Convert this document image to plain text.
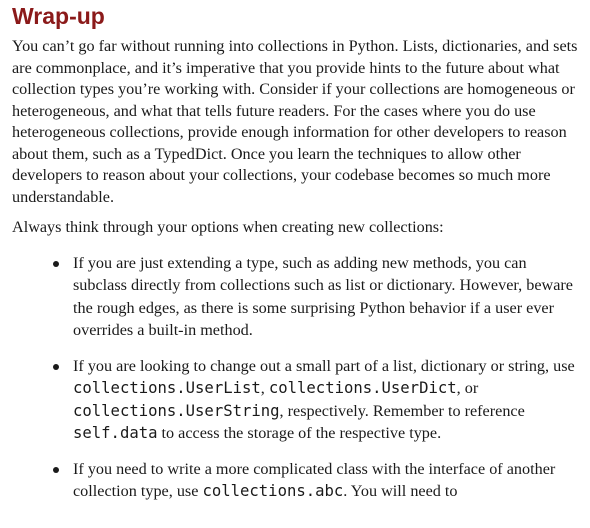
Wrap-up

You can’t go far without running into collections in Python. Lists, dictionaries, and sets are commonplace, and it’s imperative that you provide hints to the future about what collection types you’re working with. Consider if your collections are homogeneous or heterogeneous, and what that tells future readers. For the cases where you do use heterogeneous collections, provide enough information for other developers to reason about them, such as a TypedDict. Once you learn the techniques to allow other developers to reason about your collections, your codebase becomes so much more understandable.

Always think through your options when creating new collections:

If you are just extending a type, such as adding new methods, you can subclass directly from collections such as list or dictionary. However, beware the rough edges, as there is some surprising Python behavior if a user ever overrides a built-in method.
If you are looking to change out a small part of a list, dictionary or string, use collections.UserList, collections.UserDict, or collections.UserString, respectively. Remember to reference self.data to access the storage of the respective type.
If you need to write a more complicated class with the interface of another collection type, use collections.abc. You will need to
